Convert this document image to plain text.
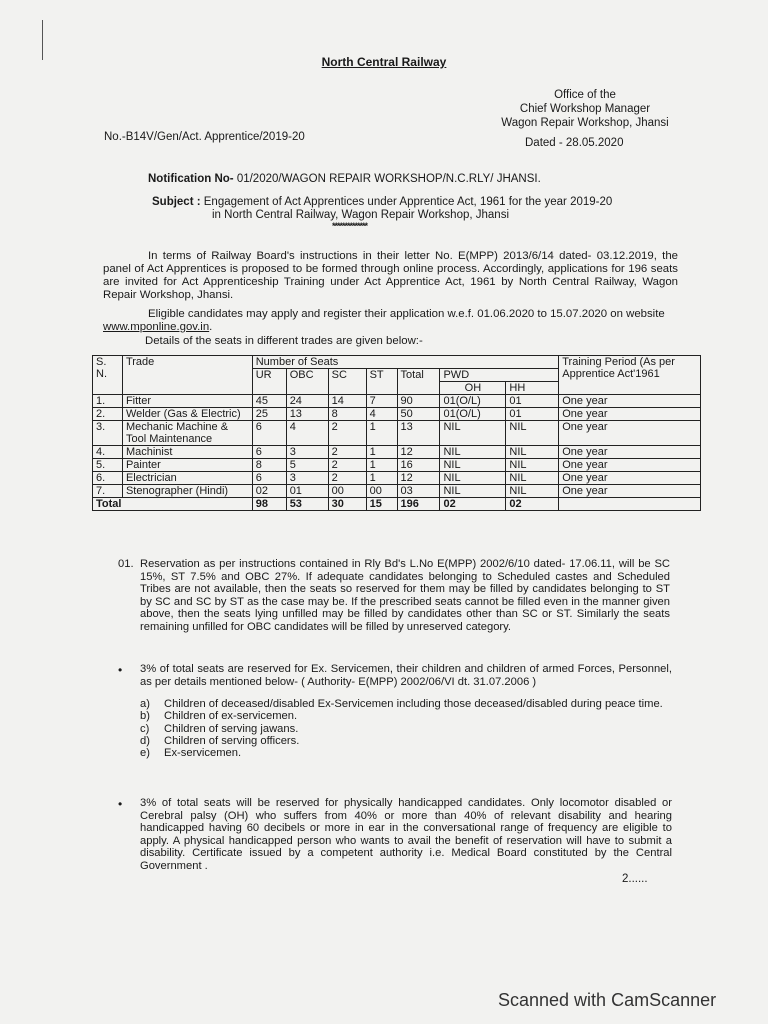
North Central Railway
Office of the
Chief Workshop Manager
Wagon Repair Workshop, Jhansi
No.-B14V/Gen/Act. Apprentice/2019-20	Dated - 28.05.2020
Notification No- 01/2020/WAGON REPAIR WORKSHOP/N.C.RLY/ JHANSI.
Subject : Engagement of Act Apprentices under Apprentice Act, 1961 for the year 2019-20
in North Central Railway, Wagon Repair Workshop, Jhansi
**************
In terms of Railway Board's instructions in their letter No. E(MPP) 2013/6/14 dated- 03.12.2019, the panel of Act Apprentices is proposed to be formed through online process. Accordingly, applications for 196 seats are invited for Act Apprenticeship Training under Act Apprentice Act, 1961 by North Central Railway, Wagon Repair Workshop, Jhansi.
Eligible candidates may apply and register their application w.e.f. 01.06.2020 to 15.07.2020 on website www.mponline.gov.in.
Details of the seats in different trades are given below:-
S. N.	Trade	Number of Seats							Training Period (As per Apprentice Act'1961
		UR	OBC	SC	ST	Total	PWD		
							OH	HH	
1.	Fitter	45	24	14	7	90	01(O/L)	01	One year
2.	Welder (Gas & Electric)	25	13	8	4	50	01(O/L)	01	One year
3.	Mechanic Machine & Tool Maintenance	6	4	2	1	13	NIL	NIL	One year
4.	Machinist	6	3	2	1	12	NIL	NIL	One year
5.	Painter	8	5	2	1	16	NIL	NIL	One year
6.	Electrician	6	3	2	1	12	NIL	NIL	One year
7.	Stenographer (Hindi)	02	01	00	00	03	NIL	NIL	One year
Total		98	53	30	15	196	02	02	
01. Reservation as per instructions contained in Rly Bd's L.No E(MPP) 2002/6/10 dated- 17.06.11, will be SC 15%, ST 7.5% and OBC 27%. If adequate candidates belonging to Scheduled castes and Scheduled Tribes are not available, then the seats so reserved for them may be filled by candidates belonging to ST by SC and SC by ST as the case may be. If the prescribed seats cannot be filled even in the manner given above, then the seats lying unfilled may be filled by candidates other than SC or ST. Similarly the seats remaining unfilled for OBC candidates will be filled by unreserved category.
• 3% of total seats are reserved for Ex. Servicemen, their children and children of armed Forces, Personnel, as per details mentioned below- ( Authority- E(MPP) 2002/06/VI dt. 31.07.2006 )
a)	Children of deceased/disabled Ex-Servicemen including those deceased/disabled during peace time.
b)	Children of ex-servicemen.
c)	Children of serving jawans.
d)	Children of serving officers.
e)	Ex-servicemen.
• 3% of total seats will be reserved for physically handicapped candidates. Only locomotor disabled or Cerebral palsy (OH) who suffers from 40% or more than 40% of relevant disability and hearing handicapped having 60 decibels or more in ear in the conversational range of frequency are eligible to apply. A physical handicapped person who wants to avail the benefit of reservation will have to submit a disability. Certificate issued by a competent authority i.e. Medical Board constituted by the Central Government .
2......
Scanned with CamScanner
